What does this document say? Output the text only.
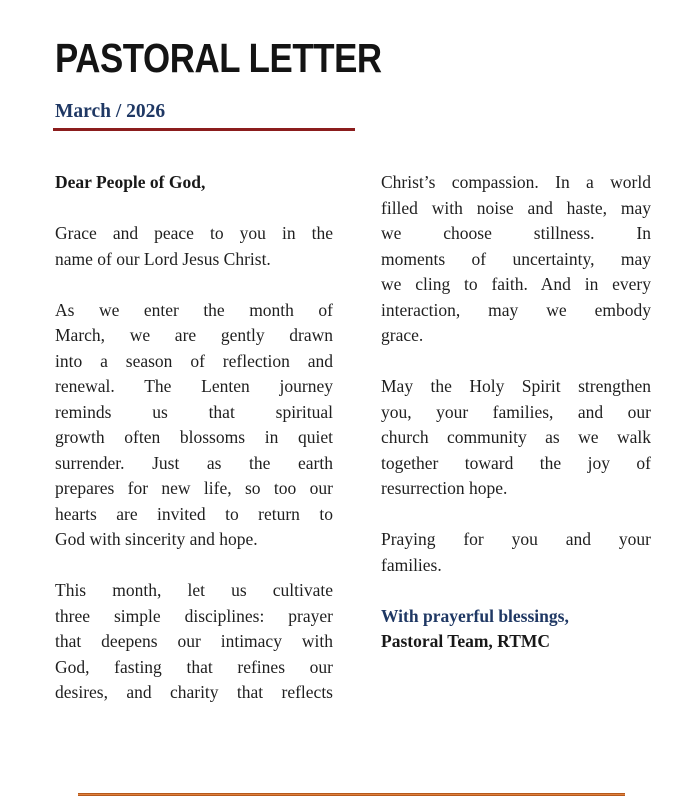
PASTORAL LETTER
March / 2026
Dear People of God,
Grace and peace to you in the
name of our Lord Jesus Christ.
As we enter the month of
March, we are gently drawn
into a season of reflection and
renewal. The Lenten journey
reminds us that spiritual
growth often blossoms in quiet
surrender. Just as the earth
prepares for new life, so too our
hearts are invited to return to
God with sincerity and hope.
This month, let us cultivate
three simple disciplines: prayer
that deepens our intimacy with
God, fasting that refines our
desires, and charity that reflects
Christ’s compassion. In a world
filled with noise and haste, may
we choose stillness. In
moments of uncertainty, may
we cling to faith. And in every
interaction, may we embody
grace.
May the Holy Spirit strengthen
you, your families, and our
church community as we walk
together toward the joy of
resurrection hope.
Praying for you and your
families.
With prayerful blessings,
Pastoral Team, RTMC
